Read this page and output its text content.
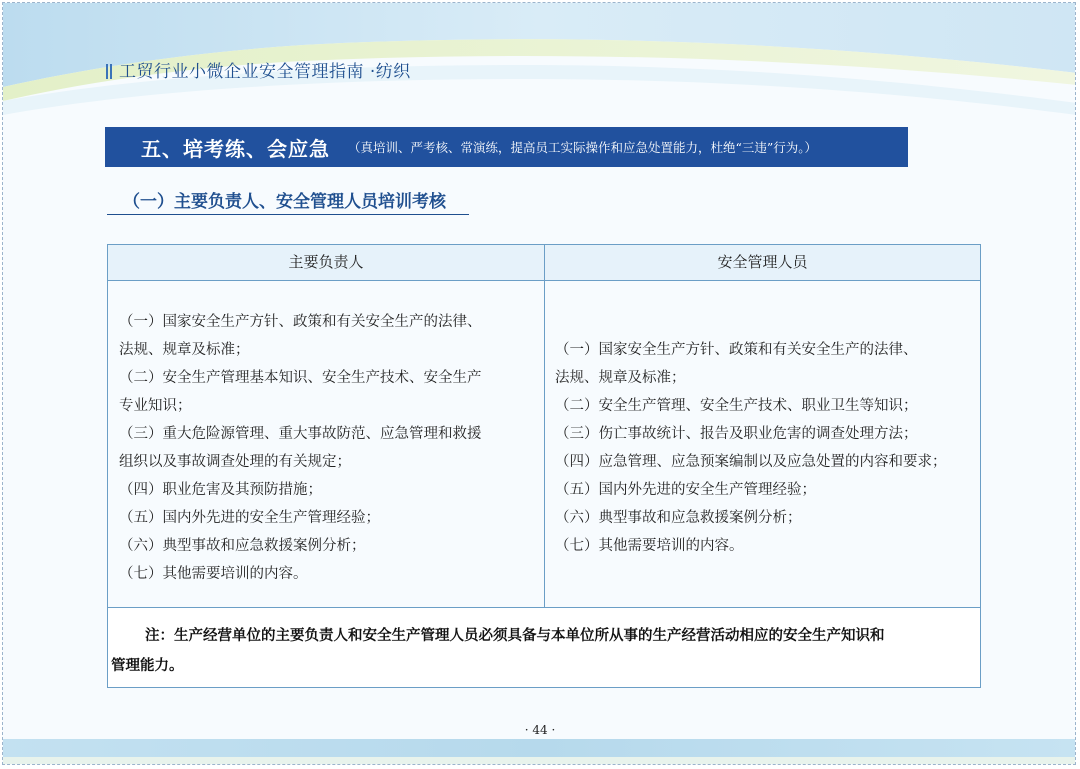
工贸行业小微企业安全管理指南 ·纺织
五、培考练、会应急 （真培训、严考核、常演练，提高员工实际操作和应急处置能力，杜绝“三违”行为。）
（一）主要负责人、安全管理人员培训考核
主要负责人	安全管理人员
（一）国家安全生产方针、政策和有关安全生产的法律、
法规、规章及标准；
（二）安全生产管理基本知识、安全生产技术、安全生产
专业知识；
（三）重大危险源管理、重大事故防范、应急管理和救援
组织以及事故调查处理的有关规定；
（四）职业危害及其预防措施；
（五）国内外先进的安全生产管理经验；
（六）典型事故和应急救援案例分析；
（七）其他需要培训的内容。
（一）国家安全生产方针、政策和有关安全生产的法律、
法规、规章及标准；
（二）安全生产管理、安全生产技术、职业卫生等知识；
（三）伤亡事故统计、报告及职业危害的调查处理方法；
（四）应急管理、应急预案编制以及应急处置的内容和要求；
（五）国内外先进的安全生产管理经验；
（六）典型事故和应急救援案例分析；
（七）其他需要培训的内容。
注：生产经营单位的主要负责人和安全生产管理人员必须具备与本单位所从事的生产经营活动相应的安全生产知识和
管理能力。
· 44 ·
